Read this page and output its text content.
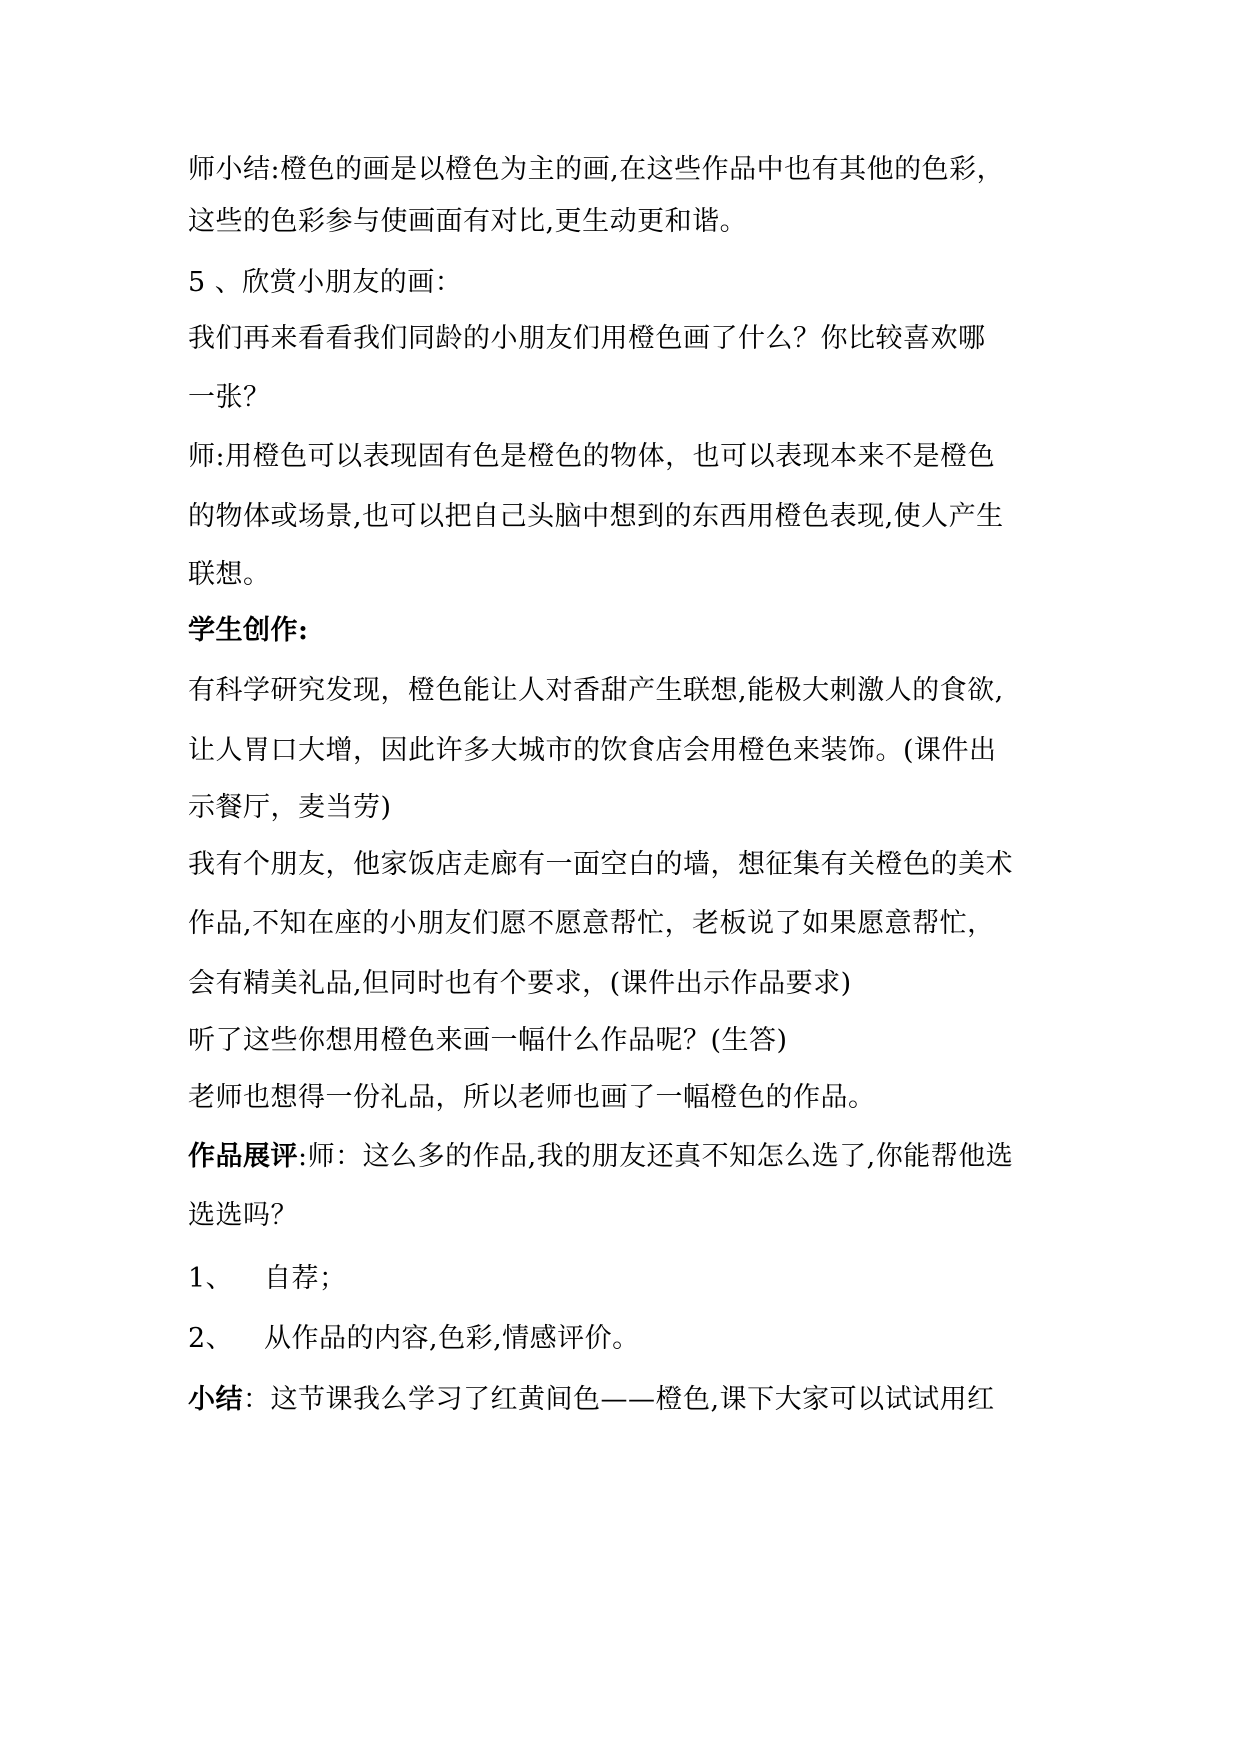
师小结:橙色的画是以橙色为主的画,在这些作品中也有其他的色彩，
这些的色彩参与使画面有对比,更生动更和谐。
5 、欣赏小朋友的画：
我们再来看看我们同龄的小朋友们用橙色画了什么？你比较喜欢哪
一张？
师:用橙色可以表现固有色是橙色的物体，也可以表现本来不是橙色
的物体或场景,也可以把自己头脑中想到的东西用橙色表现,使人产生
联想。
学生创作:
有科学研究发现，橙色能让人对香甜产生联想,能极大刺激人的食欲,
让人胃口大增，因此许多大城市的饮食店会用橙色来装饰。(课件出
示餐厅，麦当劳)
我有个朋友，他家饭店走廊有一面空白的墙，想征集有关橙色的美术
作品,不知在座的小朋友们愿不愿意帮忙，老板说了如果愿意帮忙，
会有精美礼品,但同时也有个要求，(课件出示作品要求)
听了这些你想用橙色来画一幅什么作品呢？(生答)
老师也想得一份礼品，所以老师也画了一幅橙色的作品。
作品展评:师：这么多的作品,我的朋友还真不知怎么选了,你能帮他选
选选吗？
1、 自荐；
2、 从作品的内容,色彩,情感评价。
小结：这节课我么学习了红黄间色——橙色,课下大家可以试试用红
